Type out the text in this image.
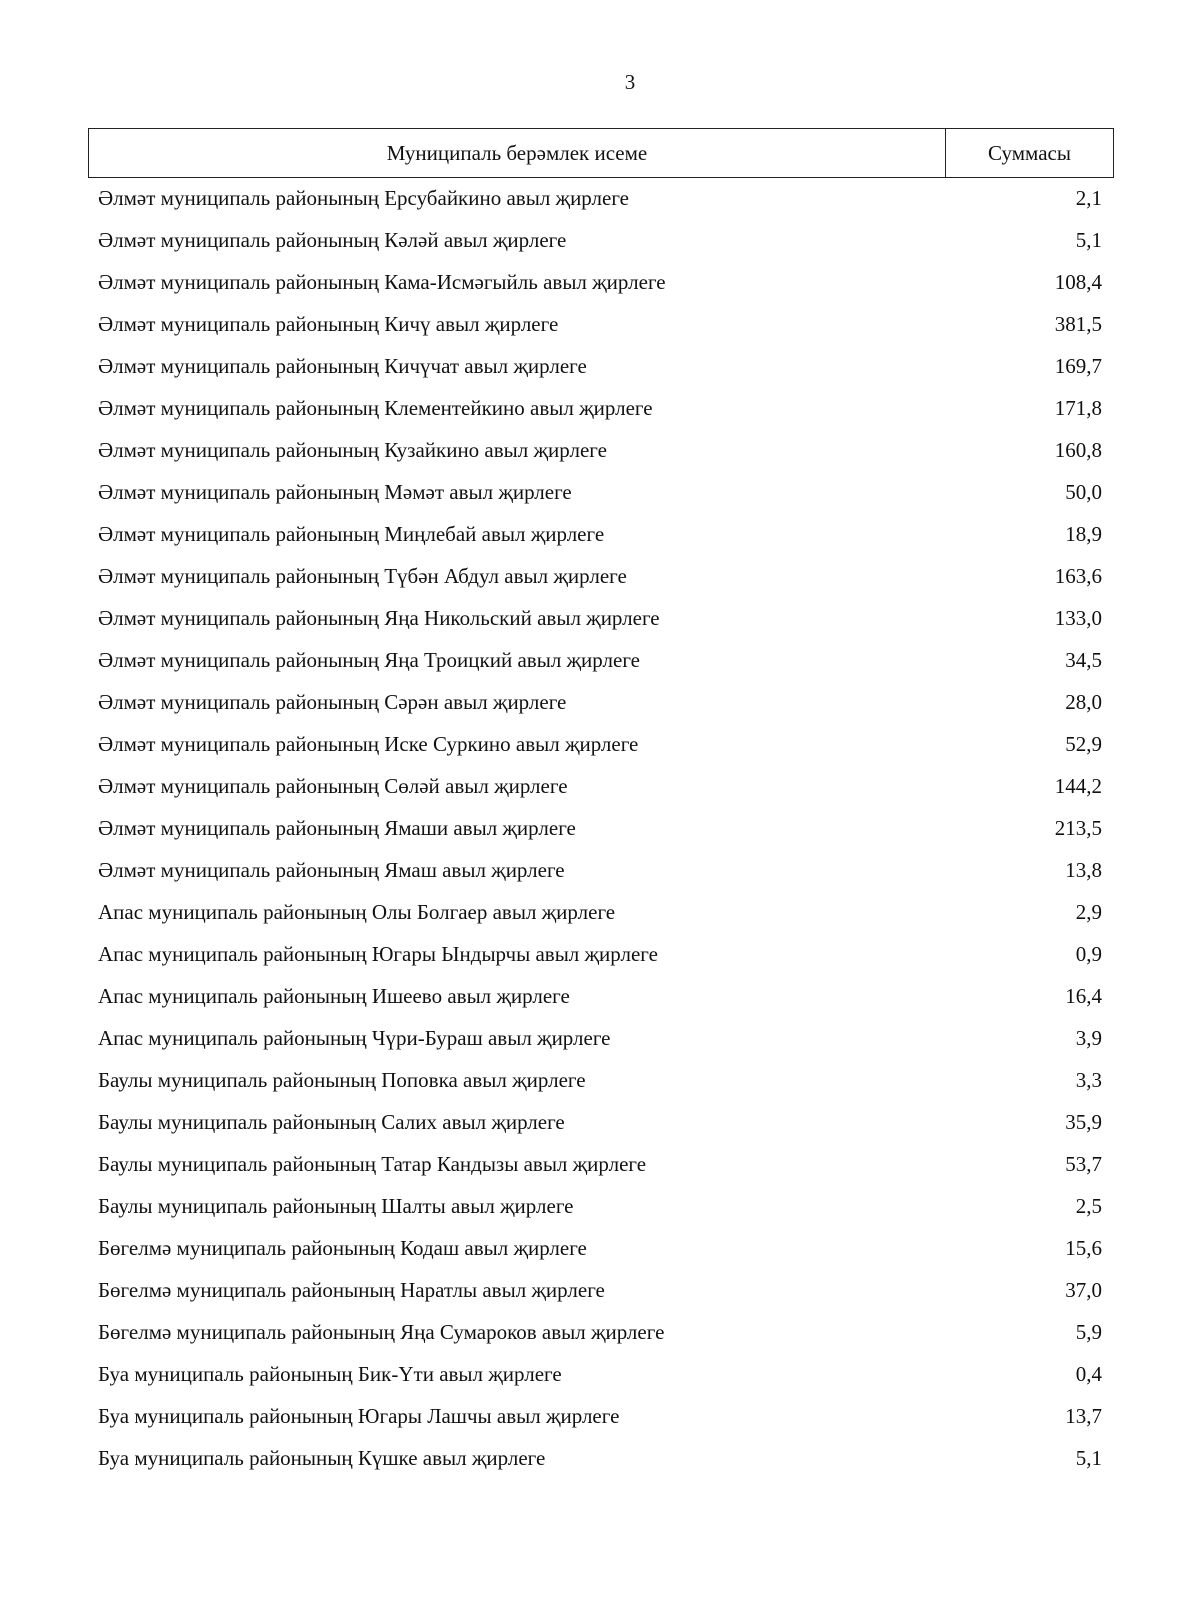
3
Муниципаль берәмлек исеме	Суммасы
Әлмәт муниципаль районының Ерсубайкино авыл җирлеге	2,1
Әлмәт муниципаль районының Кәләй авыл җирлеге	5,1
Әлмәт муниципаль районының Кама-Исмәгыйль авыл җирлеге	108,4
Әлмәт муниципаль районының Кичү авыл җирлеге	381,5
Әлмәт муниципаль районының Кичүчат авыл җирлеге	169,7
Әлмәт муниципаль районының Клементейкино авыл җирлеге	171,8
Әлмәт муниципаль районының Кузайкино авыл җирлеге	160,8
Әлмәт муниципаль районының Мәмәт авыл җирлеге	50,0
Әлмәт муниципаль районының Миңлебай авыл җирлеге	18,9
Әлмәт муниципаль районының Түбән Абдул авыл җирлеге	163,6
Әлмәт муниципаль районының Яңа Никольский авыл җирлеге	133,0
Әлмәт муниципаль районының Яңа Троицкий авыл җирлеге	34,5
Әлмәт муниципаль районының Сәрән авыл җирлеге	28,0
Әлмәт муниципаль районының Иске Суркино авыл җирлеге	52,9
Әлмәт муниципаль районының Сөләй авыл җирлеге	144,2
Әлмәт муниципаль районының Ямаши авыл җирлеге	213,5
Әлмәт муниципаль районының Ямаш авыл җирлеге	13,8
Апас муниципаль районының Олы Болгаер авыл җирлеге	2,9
Апас муниципаль районының Югары Ындырчы авыл җирлеге	0,9
Апас муниципаль районының Ишеево авыл җирлеге	16,4
Апас муниципаль районының Чүри-Бураш авыл җирлеге	3,9
Баулы муниципаль районының Поповка авыл җирлеге	3,3
Баулы муниципаль районының Салих авыл җирлеге	35,9
Баулы муниципаль районының Татар Кандызы авыл җирлеге	53,7
Баулы муниципаль районының Шалты авыл җирлеге	2,5
Бөгелмә муниципаль районының Кодаш авыл җирлеге	15,6
Бөгелмә муниципаль районының Наратлы авыл җирлеге	37,0
Бөгелмә муниципаль районының Яңа Сумароков авыл җирлеге	5,9
Буа муниципаль районының Бик-Үти авыл җирлеге	0,4
Буа муниципаль районының Югары Лашчы авыл җирлеге	13,7
Буа муниципаль районының Күшке авыл җирлеге	5,1
